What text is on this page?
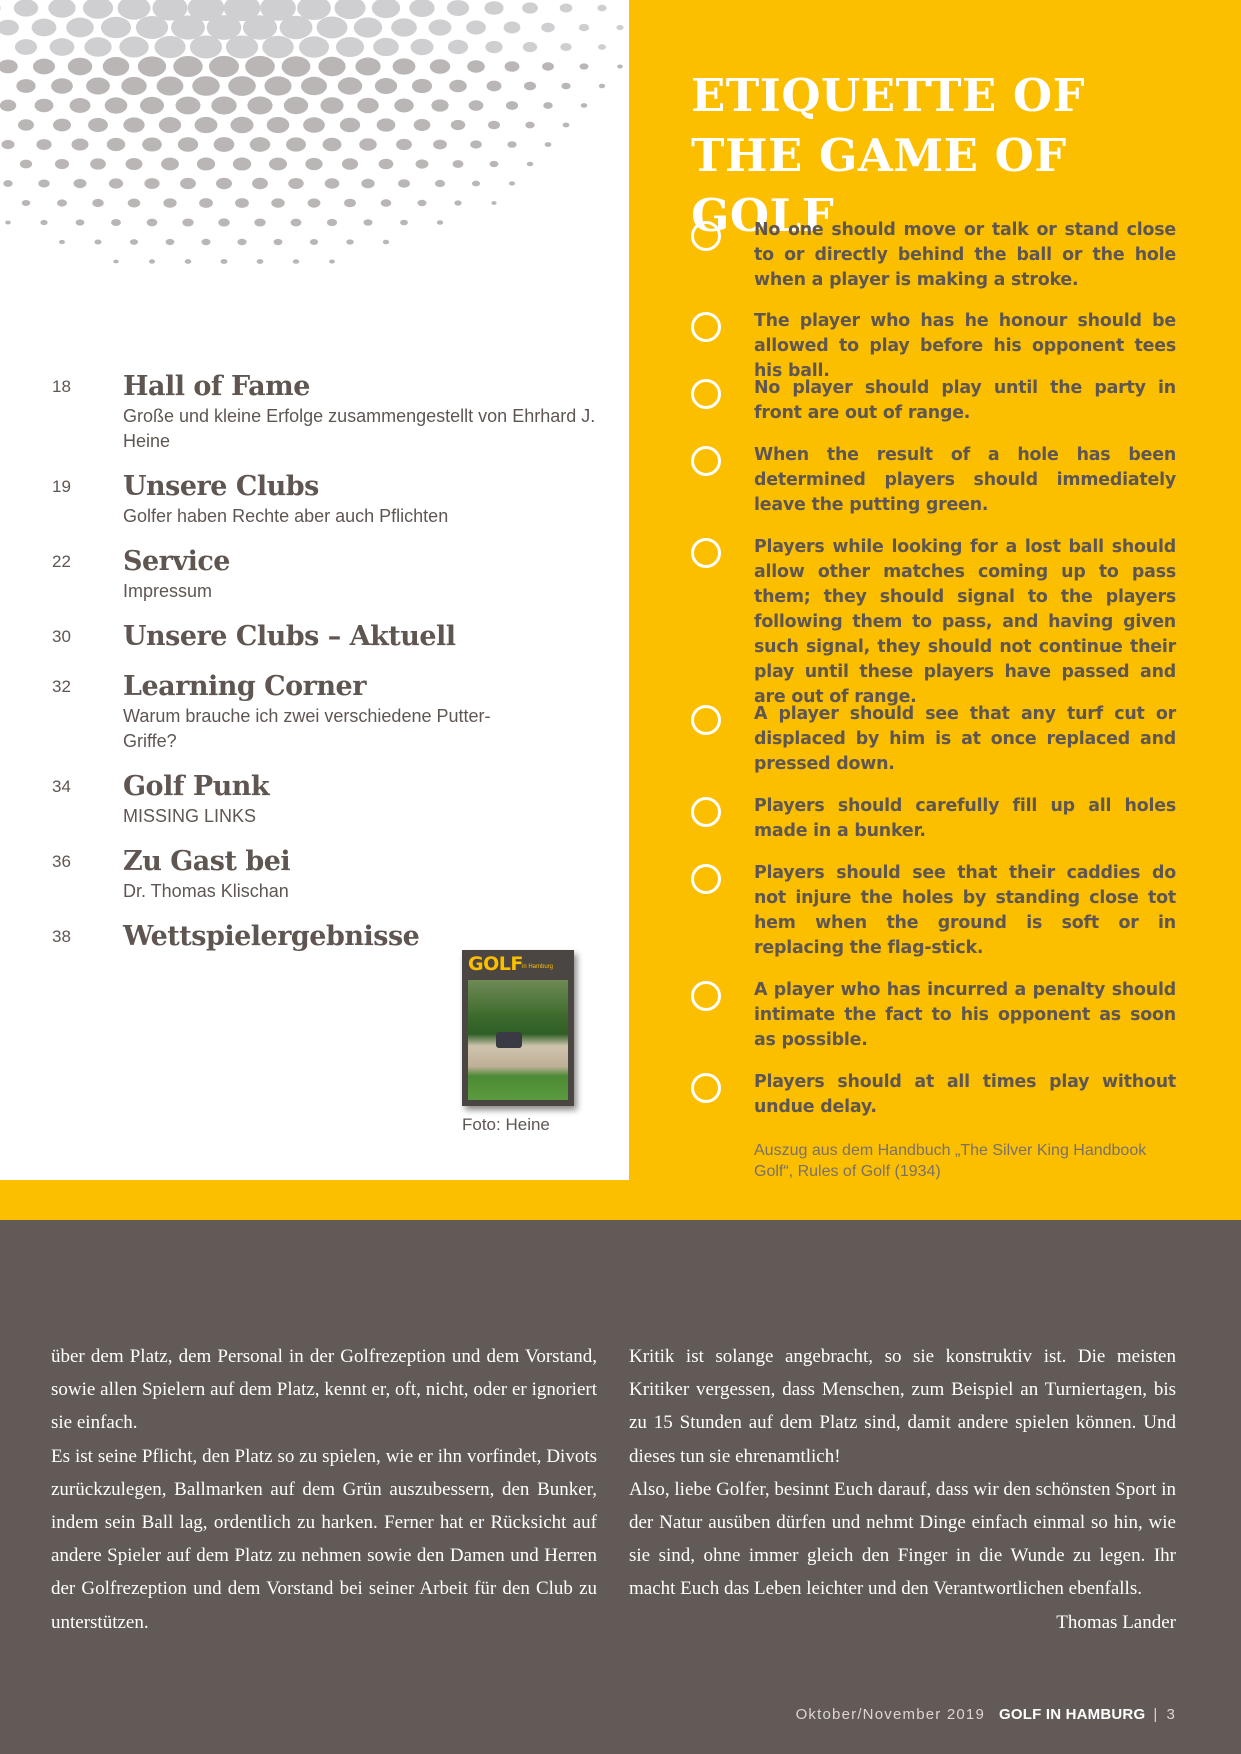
ETIQUETTE OF THE GAME OF GOLF
No one should move or talk or stand close to or directly behind the ball or the hole when a player is making a stroke.
The player who has he honour should be allowed to play before his opponent tees his ball.
No player should play until the party in front are out of range.
When the result of a hole has been determined players should immediately leave the putting green.
Players while looking for a lost ball should allow other matches coming up to pass them; they should signal to the players following them to pass, and having given such signal, they should not continue their play until these players have passed and are out of range.
A player should see that any turf cut or displaced by him is at once replaced and pressed down.
Players should carefully fill up all holes made in a bunker.
Players should see that their caddies do not injure the holes by standing close tot hem when the ground is soft or in replacing the flag-stick.
A player who has incurred a penalty should intimate the fact to his opponent as soon as possible.
Players should at all times play without undue delay.
Auszug aus dem Handbuch „The Silver King Handbook Golf“, Rules of Golf (1934)
18 Hall of Fame
Große und kleine Erfolge zusammengestellt von Ehrhard J. Heine
19 Unsere Clubs
Golfer haben Rechte aber auch Pflichten
22 Service
Impressum
30 Unsere Clubs – Aktuell
32 Learning Corner
Warum brauche ich zwei verschiedene Putter-Griffe?
34 Golf Punk
MISSING LINKS
36 Zu Gast bei
Dr. Thomas Klischan
38 Wettspielergebnisse
GOLF in Hamburg
Foto: Heine

über dem Platz, dem Personal in der Golfrezeption und dem Vorstand, sowie allen Spielern auf dem Platz, kennt er, oft, nicht, oder er ignoriert sie einfach.

Es ist seine Pflicht, den Platz so zu spielen, wie er ihn vorfindet, Divots zurückzulegen, Ballmarken auf dem Grün auszubessern, den Bunker, indem sein Ball lag, ordentlich zu harken. Ferner hat er Rücksicht auf andere Spieler auf dem Platz zu nehmen sowie den Damen und Herren der Golfrezeption und dem Vorstand bei seiner Arbeit für den Club zu unterstützen.

Kritik ist solange angebracht, so sie konstruktiv ist. Die meisten Kritiker vergessen, dass Menschen, zum Beispiel an Turniertagen, bis zu 15 Stunden auf dem Platz sind, damit andere spielen können. Und dieses tun sie ehrenamtlich!

Also, liebe Golfer, besinnt Euch darauf, dass wir den schönsten Sport in der Natur ausüben dürfen und nehmt Dinge einfach einmal so hin, wie sie sind, ohne immer gleich den Finger in die Wunde zu legen. Ihr macht Euch das Leben leichter und den Verantwortlichen ebenfalls.
Thomas Lander

Oktober/November 2019 GOLF IN HAMBURG | 3
